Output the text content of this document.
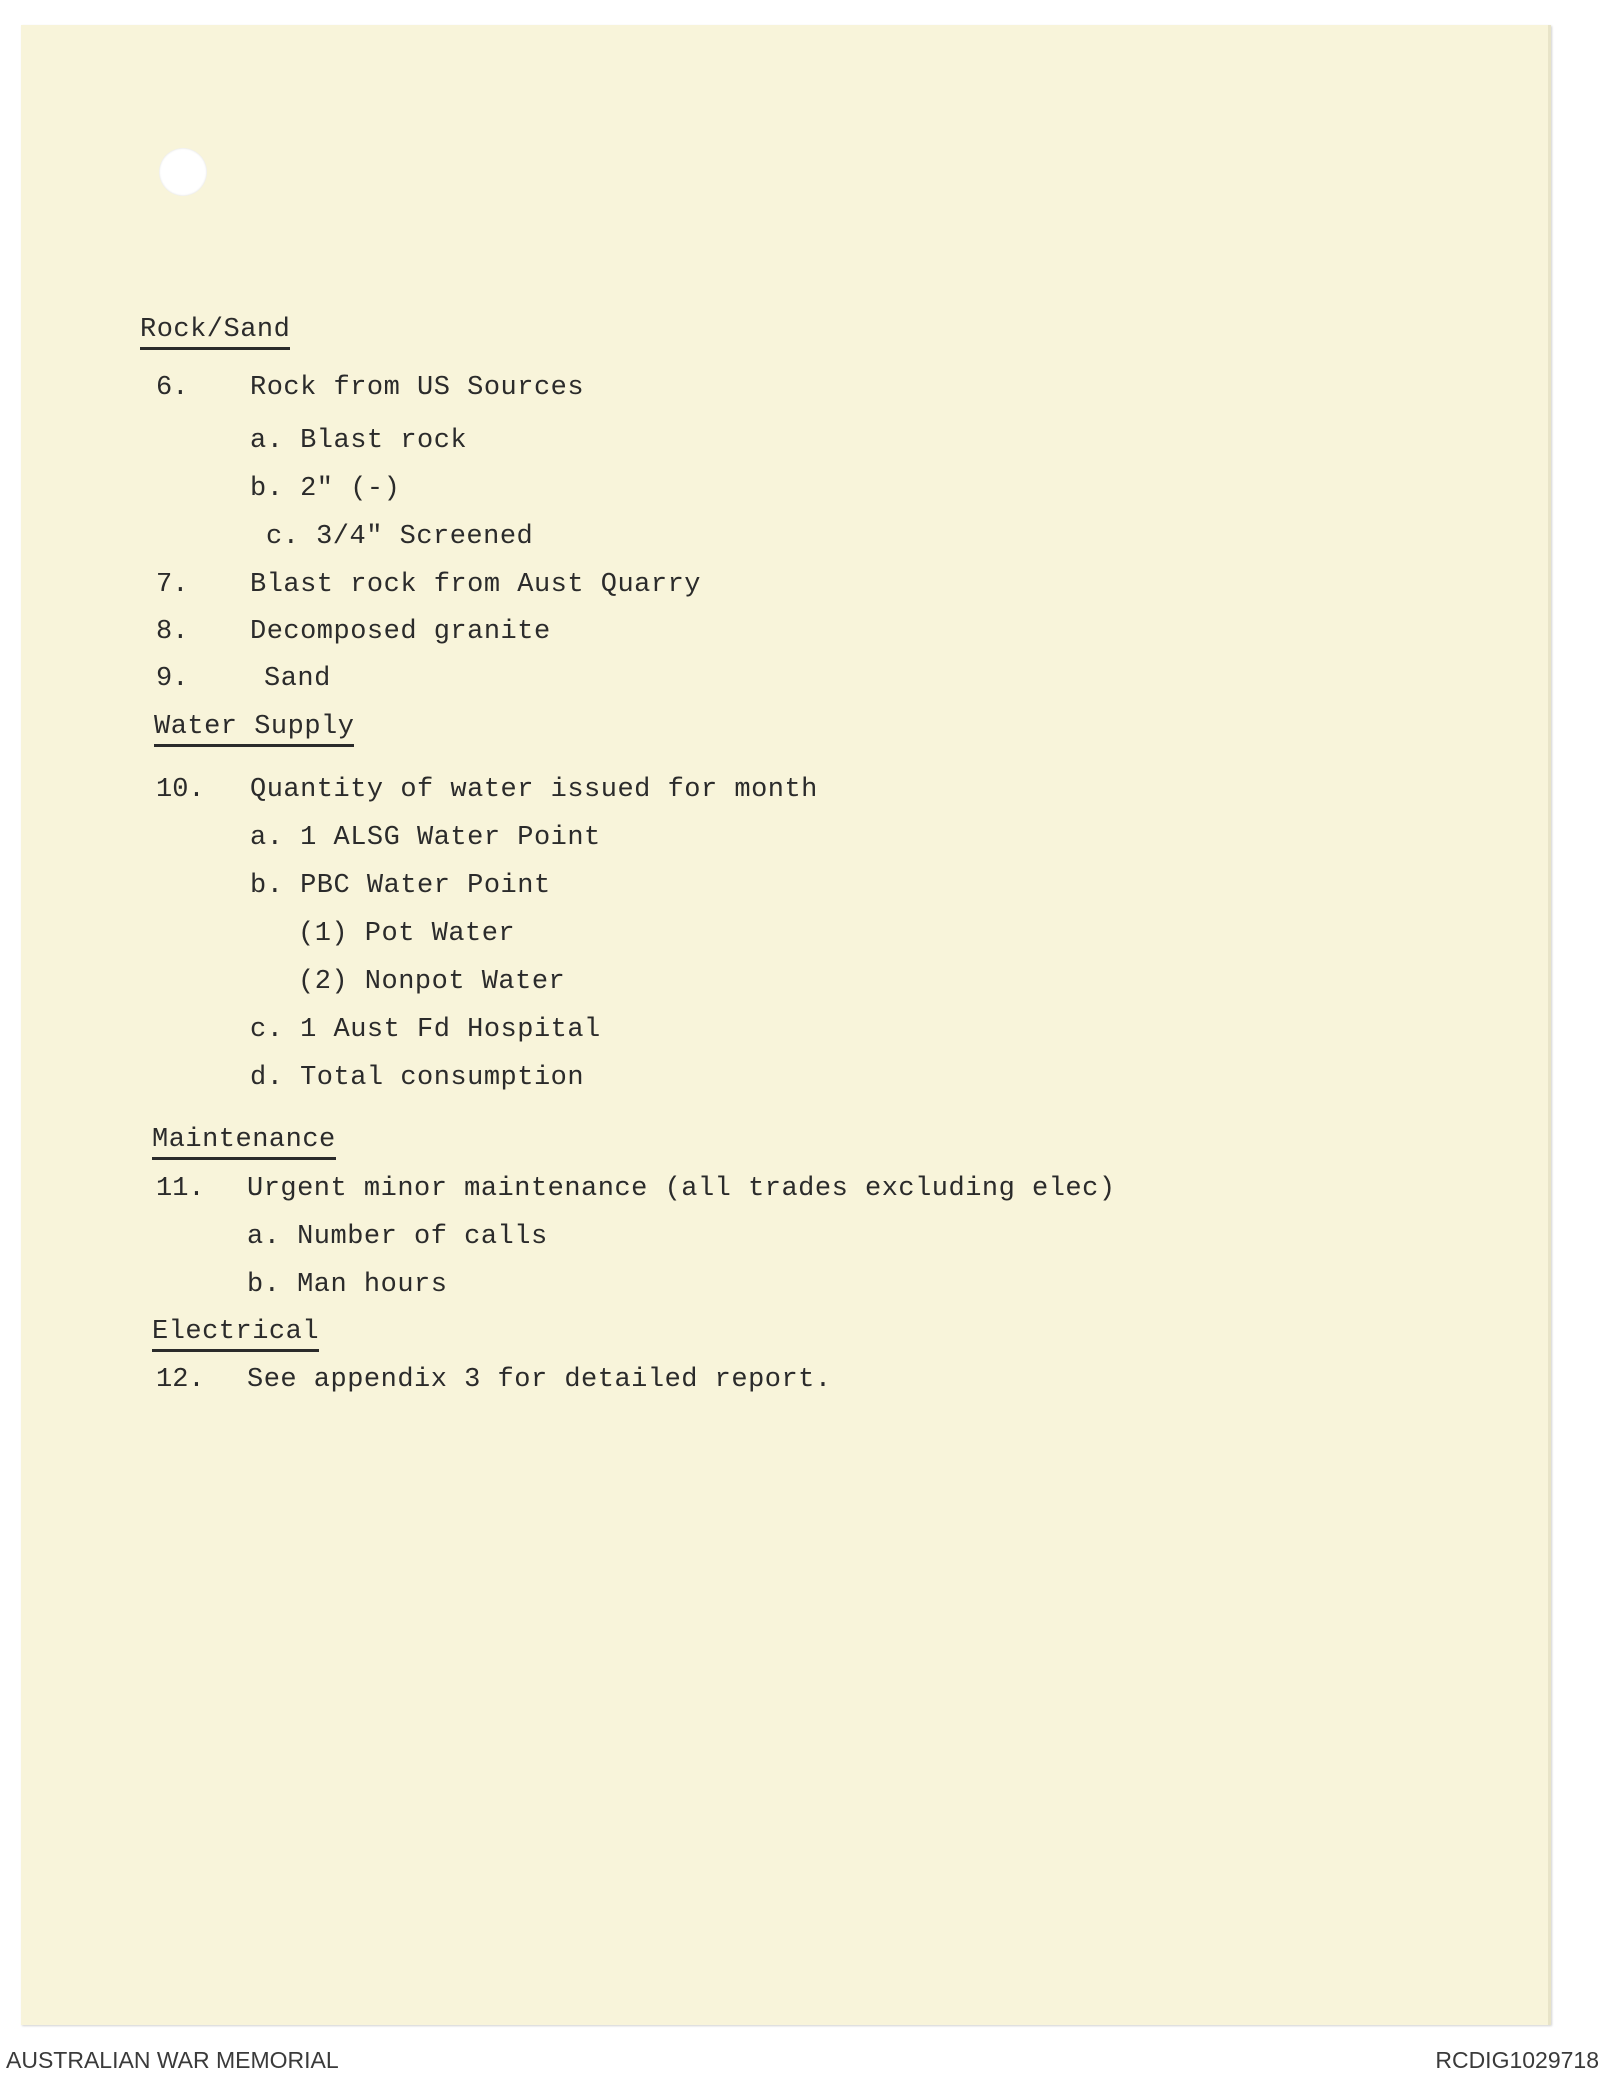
Rock/Sand
6. Rock from US Sources
a. Blast rock
b. 2" (-)
c. 3/4" Screened
7. Blast rock from Aust Quarry
8. Decomposed granite
9.	Sand
Water Supply
10. Quantity of water issued for month
a. 1 ALSG Water Point
b. PBC Water Point
(1) Pot Water
(2) Nonpot Water
c. 1 Aust Fd Hospital
d. Total consumption
Maintenance
11. Urgent minor maintenance (all trades excluding elec)
a. Number of calls
b. Man hours
Electrical
12. See appendix 3 for detailed report.
AUSTRALIAN WAR MEMORIAL	RCDIG1029718
